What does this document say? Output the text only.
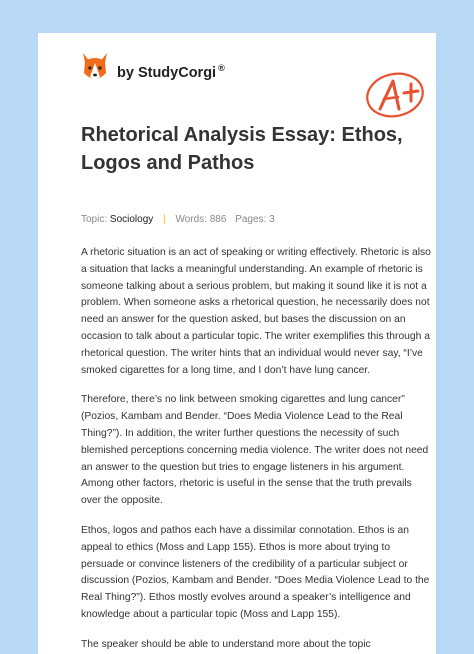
by StudyCorgi ®
Rhetorical Analysis Essay: Ethos, Logos and Pathos
Topic: Sociology | Words: 886 Pages: 3

A rhetoric situation is an act of speaking or writing effectively. Rhetoric is also a situation that lacks a meaningful understanding. An example of rhetoric is someone talking about a serious problem, but making it sound like it is not a problem. When someone asks a rhetorical question, he necessarily does not need an answer for the question asked, but bases the discussion on an occasion to talk about a particular topic. The writer exemplifies this through a rhetorical question. The writer hints that an individual would never say, “I’ve smoked cigarettes for a long time, and I don’t have lung cancer.

Therefore, there’s no link between smoking cigarettes and lung cancer” (Pozios, Kambam and Bender. “Does Media Violence Lead to the Real Thing?”). In addition, the writer further questions the necessity of such blemished perceptions concerning media violence. The writer does not need an answer to the question but tries to engage listeners in his argument. Among other factors, rhetoric is useful in the sense that the truth prevails over the opposite.

Ethos, logos and pathos each have a dissimilar connotation. Ethos is an appeal to ethics (Moss and Lapp 155). Ethos is more about trying to persuade or convince listeners of the credibility of a particular subject or discussion (Pozios, Kambam and Bender. “Does Media Violence Lead to the Real Thing?”). Ethos mostly evolves around a speaker’s intelligence and knowledge about a particular topic (Moss and Lapp 155).

The speaker should be able to understand more about the topic
